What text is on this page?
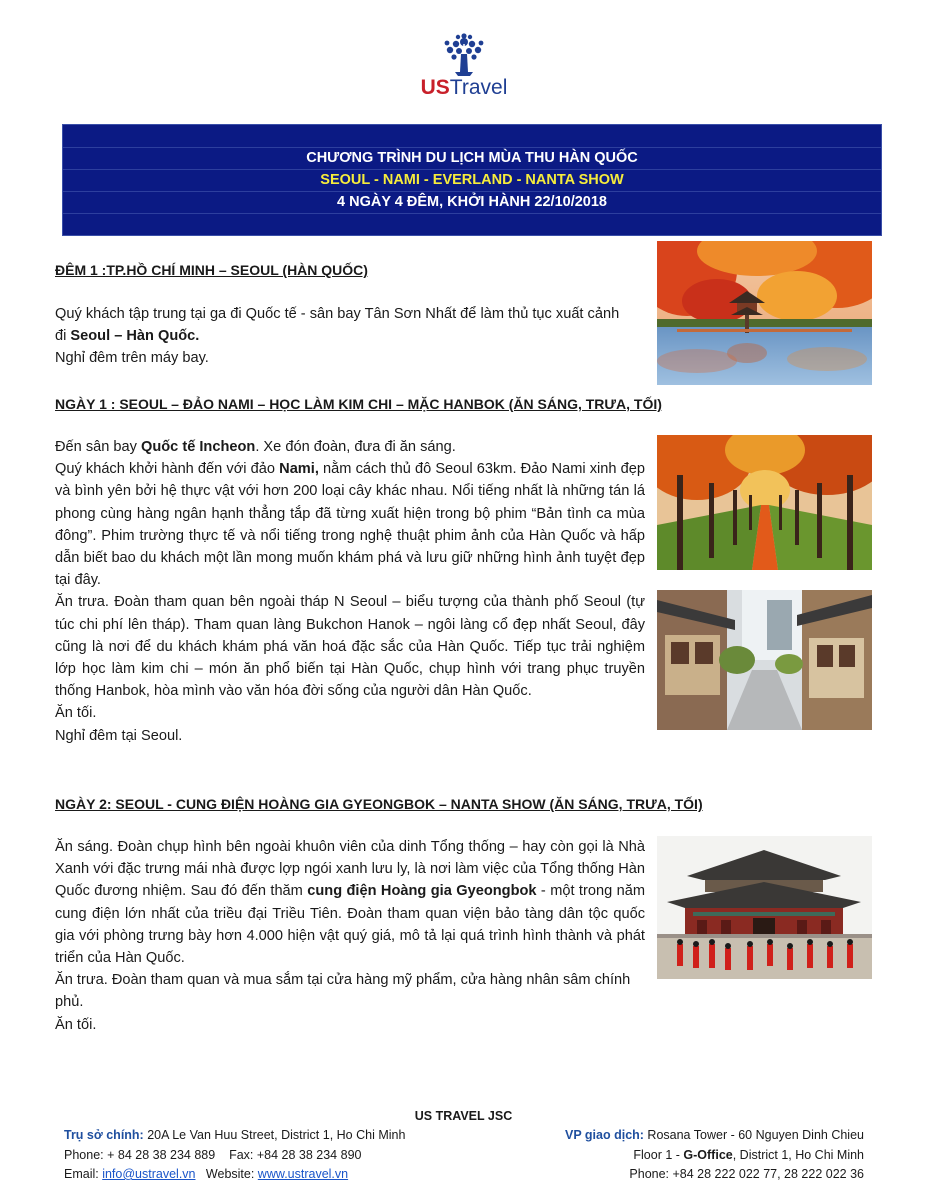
USTravel
CHƯƠNG TRÌNH DU LỊCH MÙA THU HÀN QUỐC
SEOUL - NAMI - EVERLAND - NANTA SHOW
4 NGÀY 4 ĐÊM, KHỞI HÀNH 22/10/2018
ĐÊM 1 :TP.HỒ CHÍ MINH – SEOUL (HÀN QUỐC)

Quý khách tập trung tại ga đi Quốc tế - sân bay Tân Sơn Nhất để làm thủ tục xuất cảnh đi Seoul – Hàn Quốc.

Nghỉ đêm trên máy bay.

NGÀY 1 : SEOUL – ĐẢO NAMI – HỌC LÀM KIM CHI – MẶC HANBOK (ĂN SÁNG, TRƯA, TỐI)

Đến sân bay Quốc tế Incheon. Xe đón đoàn, đưa đi ăn sáng.

Quý khách khởi hành đến với đảo Nami, nằm cách thủ đô Seoul 63km. Đảo Nami xinh đẹp và bình yên bởi hệ thực vật với hơn 200 loại cây khác nhau. Nổi tiếng nhất là những tán lá phong cùng hàng ngân hạnh thẳng tắp đã từng xuất hiện trong bộ phim “Bản tình ca mùa đông”. Phim trường thực tế và nổi tiếng trong nghệ thuật phim ảnh của Hàn Quốc và hấp dẫn biết bao du khách một lần mong muốn khám phá và lưu giữ những hình ảnh tuyệt đẹp tại đây.

Ăn trưa. Đoàn tham quan bên ngoài tháp N Seoul – biểu tượng của thành phố Seoul (tự túc chi phí lên tháp). Tham quan làng Bukchon Hanok – ngôi làng cổ đẹp nhất Seoul, đây cũng là nơi để du khách khám phá văn hoá đặc sắc của Hàn Quốc. Tiếp tục trải nghiệm lớp học làm kim chi – món ăn phổ biến tại Hàn Quốc, chụp hình với trang phục truyền thống Hanbok, hòa mình vào văn hóa đời sống của người dân Hàn Quốc.

Ăn tối.

Nghỉ đêm tại Seoul.

NGÀY 2: SEOUL - CUNG ĐIỆN HOÀNG GIA GYEONGBOK – NANTA SHOW (ĂN SÁNG, TRƯA, TỐI)

Ăn sáng. Đoàn chụp hình bên ngoài khuôn viên của dinh Tổng thống – hay còn gọi là Nhà Xanh với đặc trưng mái nhà được lợp ngói xanh lưu ly, là nơi làm việc của Tổng thống Hàn Quốc đương nhiệm. Sau đó đến thăm cung điện Hoàng gia Gyeongbok - một trong năm cung điện lớn nhất của triều đại Triều Tiên. Đoàn tham quan viện bảo tàng dân tộc quốc gia với phòng trưng bày hơn 4.000 hiện vật quý giá, mô tả lại quá trình hình thành và phát triển của Hàn Quốc.

Ăn trưa. Đoàn tham quan và mua sắm tại cửa hàng mỹ phẩm, cửa hàng nhân sâm chính phủ.

Ăn tối.

US TRAVEL JSC
Trụ sở chính: 20A Le Van Huu Street, District 1, Ho Chi Minh
Phone: + 84 28 38 234 889    Fax: +84 28 38 234 890
Email: info@ustravel.vn   Website: www.ustravel.vn
VP giao dịch: Rosana Tower - 60 Nguyen Dinh Chieu
Floor 1 - G-Office, District 1, Ho Chi Minh
Phone: +84 28 222 022 77, 28 222 022 36
